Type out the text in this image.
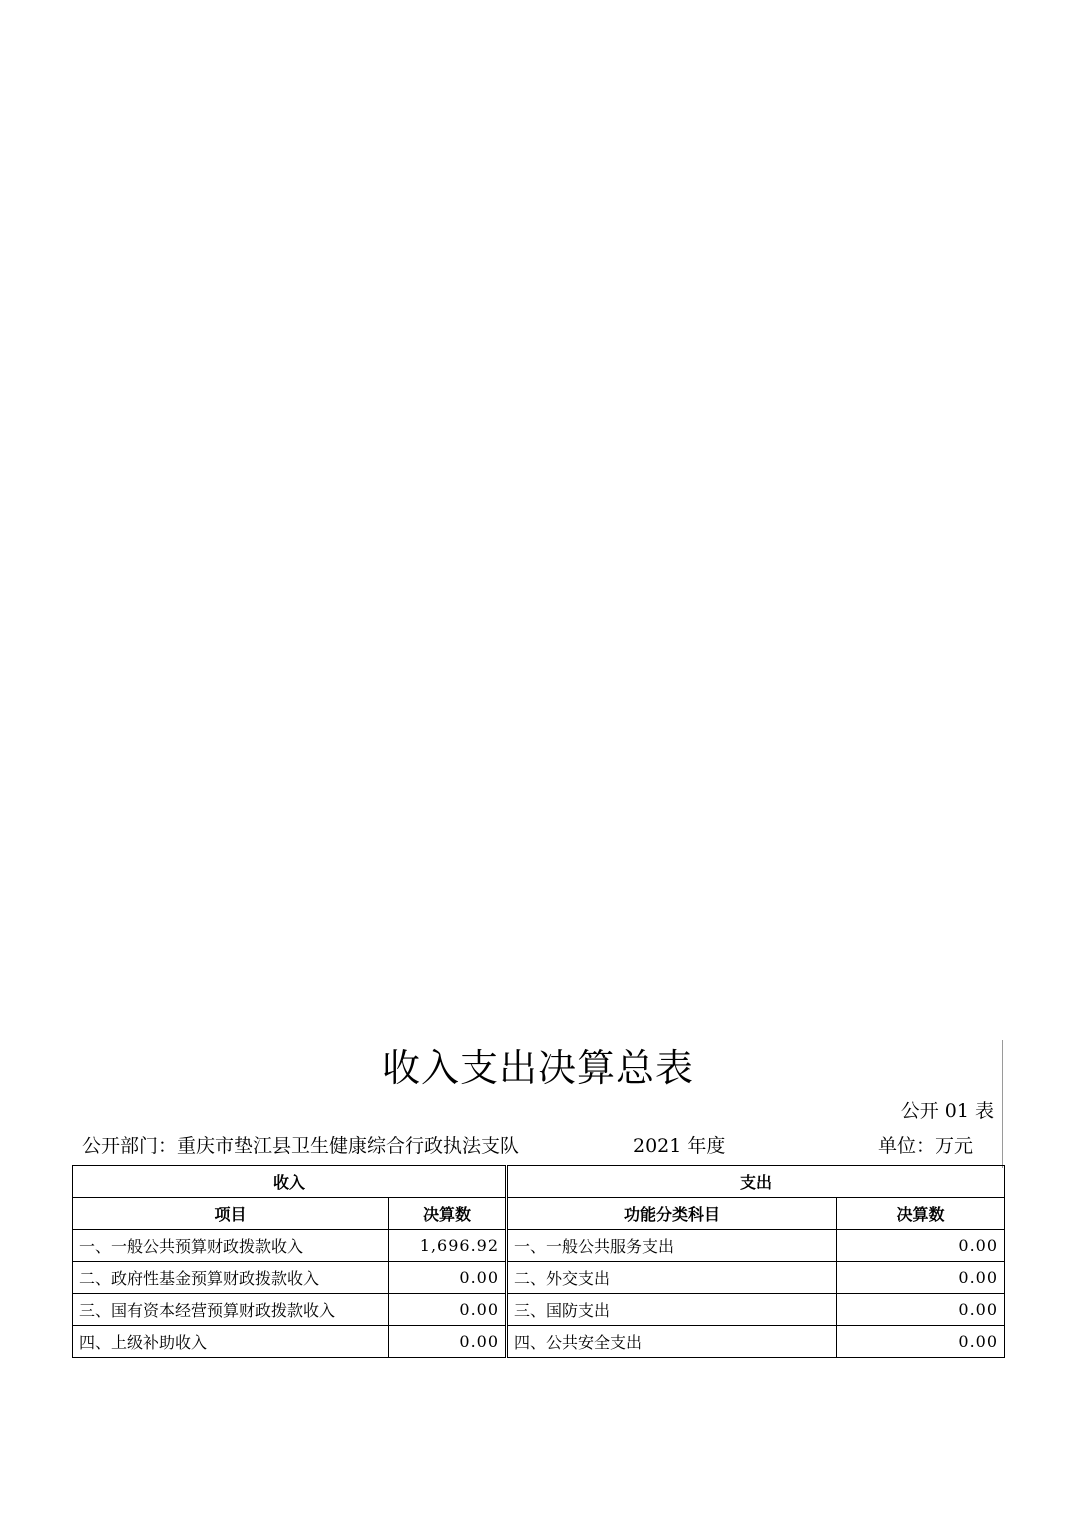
收入支出决算总表
公开 01 表
公开部门：重庆市垫江县卫生健康综合行政执法支队	2021 年度	单位：万元
收入		支出	
项目	决算数	功能分类科目	决算数
一、一般公共预算财政拨款收入	1,696.92	一、一般公共服务支出	0.00
二、政府性基金预算财政拨款收入	0.00	二、外交支出	0.00
三、国有资本经营预算财政拨款收入	0.00	三、国防支出	0.00
四、上级补助收入	0.00	四、公共安全支出	0.00
